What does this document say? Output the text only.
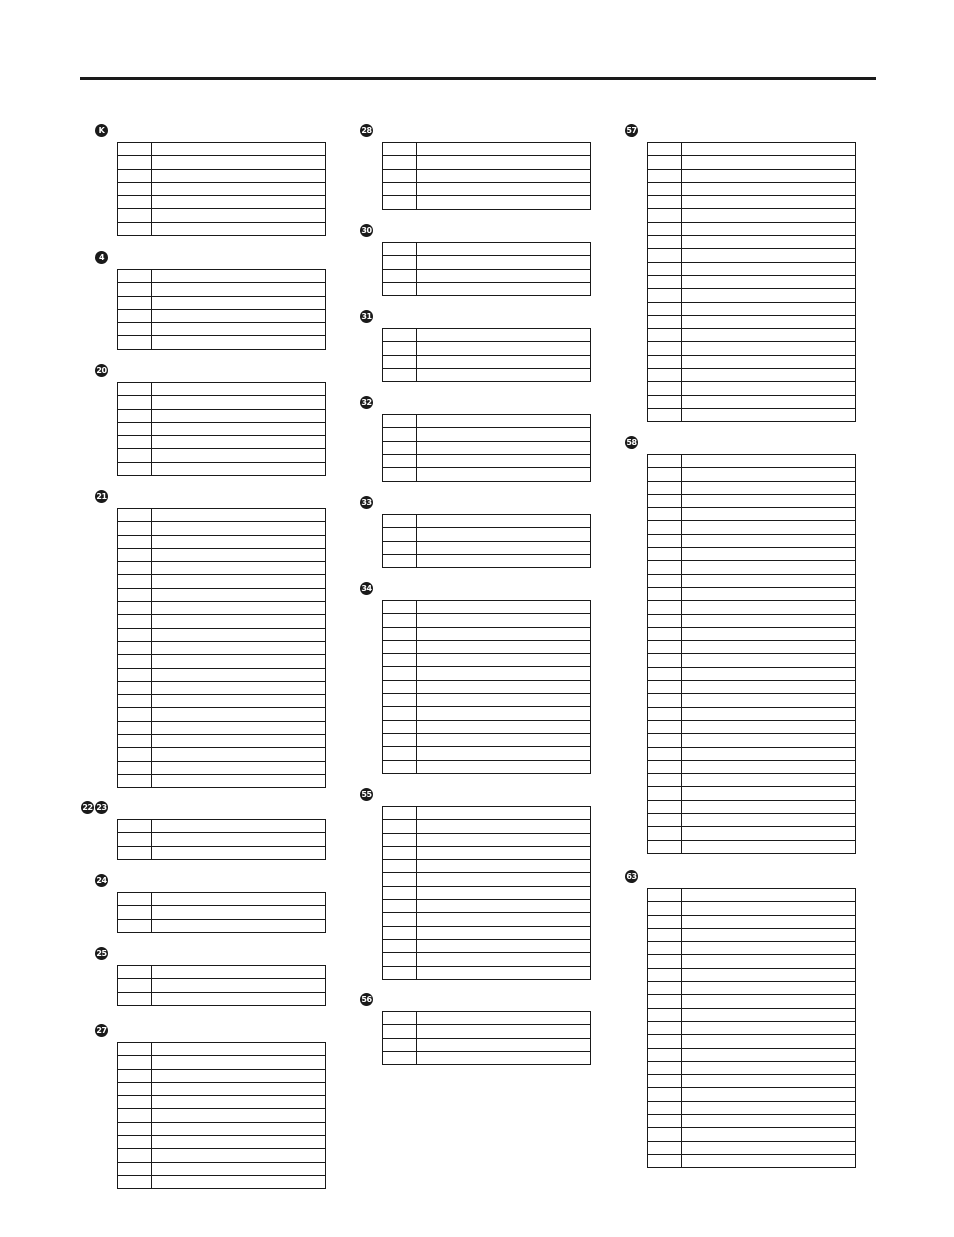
K
4
20
21
22 23
24
25
27
28
30
31
32
33
34
55
56
57
58
63
